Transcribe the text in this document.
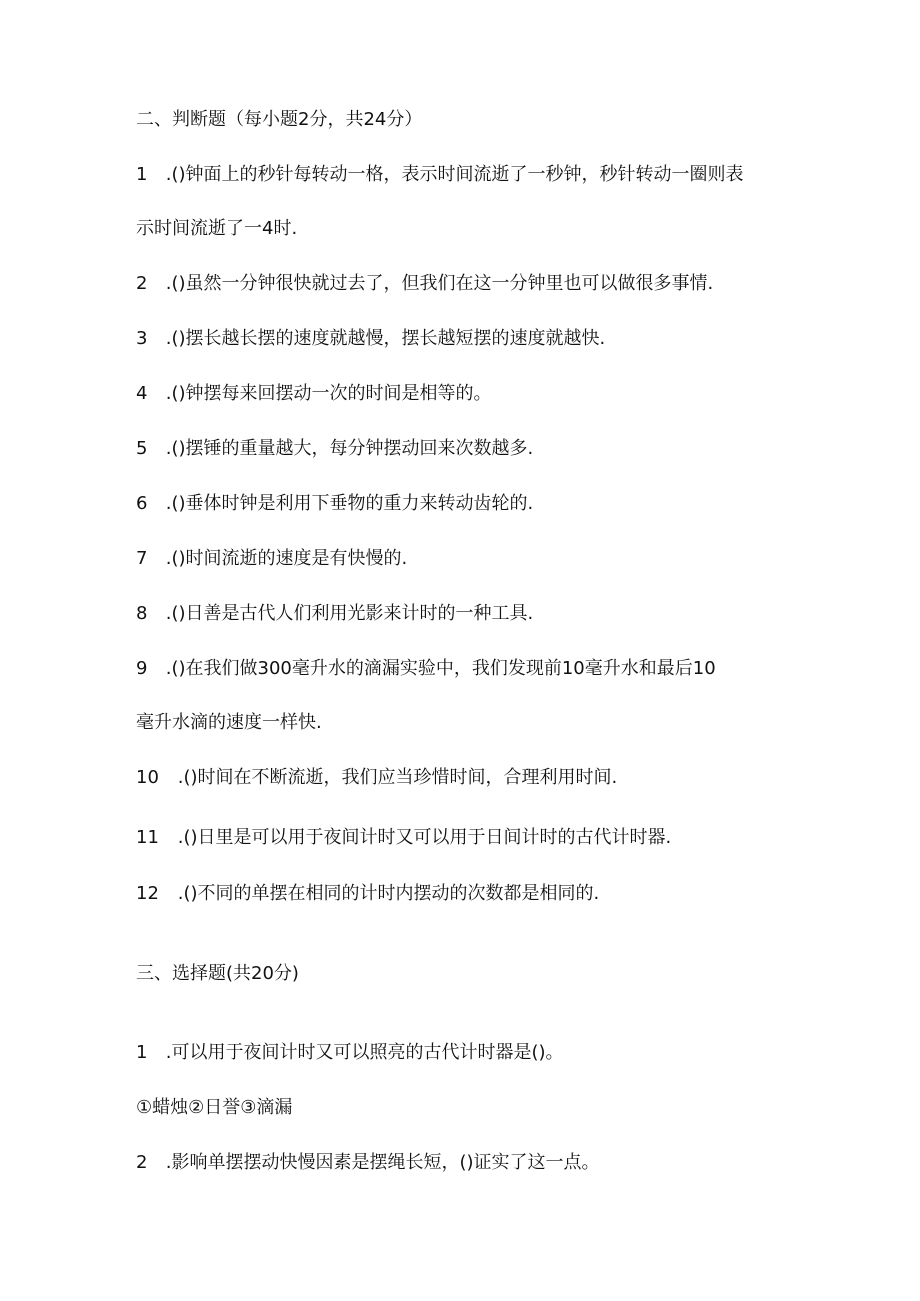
二、判断题（每小题2分，共24分）
1 .()钟面上的秒针每转动一格，表示时间流逝了一秒钟，秒针转动一圈则表
示时间流逝了一4时.
2 .()虽然一分钟很快就过去了，但我们在这一分钟里也可以做很多事情.
3 .()摆长越长摆的速度就越慢，摆长越短摆的速度就越快.
4 .()钟摆每来回摆动一次的时间是相等的。
5 .()摆锤的重量越大，每分钟摆动回来次数越多.
6 .()垂体时钟是利用下垂物的重力来转动齿轮的.
7 .()时间流逝的速度是有快慢的.
8 .()日善是古代人们利用光影来计时的一种工具.
9 .()在我们做300毫升水的滴漏实验中，我们发现前10毫升水和最后10
毫升水滴的速度一样快.
10 .()时间在不断流逝，我们应当珍惜时间，合理利用时间.
11 .()日里是可以用于夜间计时又可以用于日间计时的古代计时器.
12 .()不同的单摆在相同的计时内摆动的次数都是相同的.
三、选择题(共20分)
1 .可以用于夜间计时又可以照亮的古代计时器是()。
①蜡烛②日誉③滴漏
2 .影响单摆摆动快慢因素是摆绳长短，()证实了这一点。
